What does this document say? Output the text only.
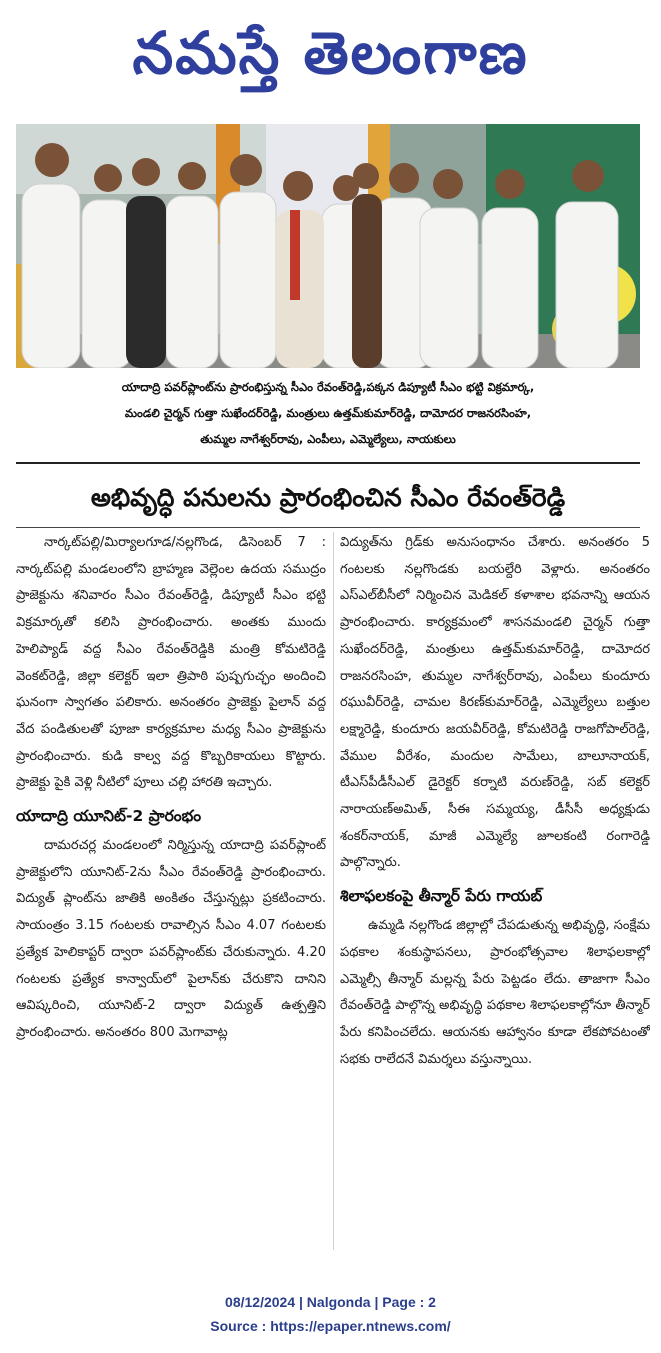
నమస్తే తెలంగాణ
యాదాద్రి పవర్‌ప్లాంట్‌ను ప్రారంభిస్తున్న సీఎం రేవంత్‌రెడ్డి,పక్కన డిప్యూటీ సీఎం భట్టి విక్రమార్క,
మండలి చైర్మన్‌ గుత్తా సుఖేందర్‌రెడ్డి, మంత్రులు ఉత్తమ్‌కుమార్‌రెడ్డి, దామోదర రాజనరసింహ,
తుమ్మల నాగేశ్వర్‌రావు, ఎంపీలు, ఎమ్మెల్యేలు, నాయకులు
అభివృద్ధి పనులను ప్రారంభించిన సీఎం రేవంత్‌రెడ్డి

నార్కట్‌పల్లి/మిర్యాలగూడ/నల్లగొండ, డిసెంబర్‌ 7 : నార్కట్‌పల్లి మండలంలోని బ్రాహ్మణ వెల్లెంల ఉదయ సముద్రం ప్రాజెక్టును శనివారం సీఎం రేవంత్‌రెడ్డి, డిప్యూటీ సీఎం భట్టి విక్రమార్కతో కలిసి ప్రారంభించారు. అంతకు ముందు హెలిప్యాడ్‌ వద్ద సీఎం రేవంత్‌రెడ్డికి మంత్రి కోమటిరెడ్డి వెంకట్‌రెడ్డి, జిల్లా కలెక్టర్‌ ఇలా త్రిపాఠి పుష్పగుచ్ఛం అందించి ఘనంగా స్వాగతం పలికారు. అనంతరం ప్రాజెక్టు పైలాన్‌ వద్ద వేద పండితులతో పూజా కార్యక్రమాల మధ్య సీఎం ప్రాజెక్టును ప్రారంభించారు. కుడి కాల్వ వద్ద కొబ్బరికాయలు కొట్టారు. ప్రాజెక్టు పైకి వెళ్లి నీటిలో పూలు చల్లి హారతి ఇచ్చారు.

యాదాద్రి యూనిట్‌-2 ప్రారంభం

దామరచర్ల మండలంలో నిర్మిస్తున్న యాదాద్రి పవర్‌ప్లాంట్‌ ప్రాజెక్టులోని యూనిట్‌-2ను సీఎం రేవంత్‌రెడ్డి ప్రారంభించారు. విద్యుత్‌ ప్లాంట్‌ను జాతికి అంకితం చేస్తున్నట్లు ప్రకటించారు. సాయంత్రం 3.15 గంటలకు రావాల్సిన సీఎం 4.07 గంటలకు ప్రత్యేక హెలికాప్టర్‌ ద్వారా పవర్‌ప్లాంట్‌కు చేరుకున్నారు. 4.20 గంటలకు ప్రత్యేక కాన్వాయ్‌లో పైలాన్‌కు చేరుకొని దానిని ఆవిష్కరించి, యూనిట్‌-2 ద్వారా విద్యుత్‌ ఉత్పత్తిని ప్రారంభించారు. అనంతరం 800 మెగావాట్ల

విద్యుత్‌ను గ్రిడ్‌కు అనుసంధానం చేశారు. అనంతరం 5 గంటలకు నల్లగొండకు బయల్దేరి వెళ్లారు. అనంతరం ఎస్‌ఎల్‌బీసీలో నిర్మించిన మెడికల్‌ కళాశాల భవనాన్ని ఆయన ప్రారంభించారు. కార్యక్రమంలో శాసనమండలి చైర్మన్‌ గుత్తా సుఖేందర్‌రెడ్డి, మంత్రులు ఉత్తమ్‌కుమార్‌రెడ్డి, దామోదర రాజనరసింహ, తుమ్మల నాగేశ్వర్‌రావు, ఎంపీలు కుందూరు రఘువీర్‌రెడ్డి, చామల కిరణ్‌కుమార్‌రెడ్డి, ఎమ్మెల్యేలు బత్తుల లక్ష్మారెడ్డి, కుందూరు జయవీర్‌రెడ్డి, కోమటిరెడ్డి రాజగోపాల్‌రెడ్డి, వేముల వీరేశం, మందుల సామేలు, బాలూనాయక్‌, టీఎస్‌పీడీసీఎల్‌ డైరెక్టర్‌ కర్నాటి వరుణ్‌రెడ్డి, సబ్‌ కలెక్టర్‌ నారాయణ్‌అమిత్‌, సీఈ సమ్మయ్య, డీసీసీ అధ్యక్షుడు శంకర్‌నాయక్‌, మాజీ ఎమ్మెల్యే జూలకంటి రంగారెడ్డి పాల్గొన్నారు.

శిలాఫలకంపై తీన్మార్‌ పేరు గాయబ్‌

ఉమ్మడి నల్లగొండ జిల్లాల్లో చేపడుతున్న అభివృద్ధి, సంక్షేమ పథకాల శంకుస్థాపనలు, ప్రారంభోత్సవాల శిలాఫలకాల్లో ఎమ్మెల్సీ తీన్మార్‌ మల్లన్న పేరు పెట్టడం లేదు. తాజాగా సీఎం రేవంత్‌రెడ్డి పాల్గొన్న అభివృద్ధి పథకాల శిలాఫలకాల్లోనూ తీన్మార్‌ పేరు కనిపించలేదు. ఆయనకు ఆహ్వానం కూడా లేకపోవటంతో సభకు రాలేదనే విమర్శలు వస్తున్నాయి.

08/12/2024 | Nalgonda | Page : 2
Source : https://epaper.ntnews.com/
